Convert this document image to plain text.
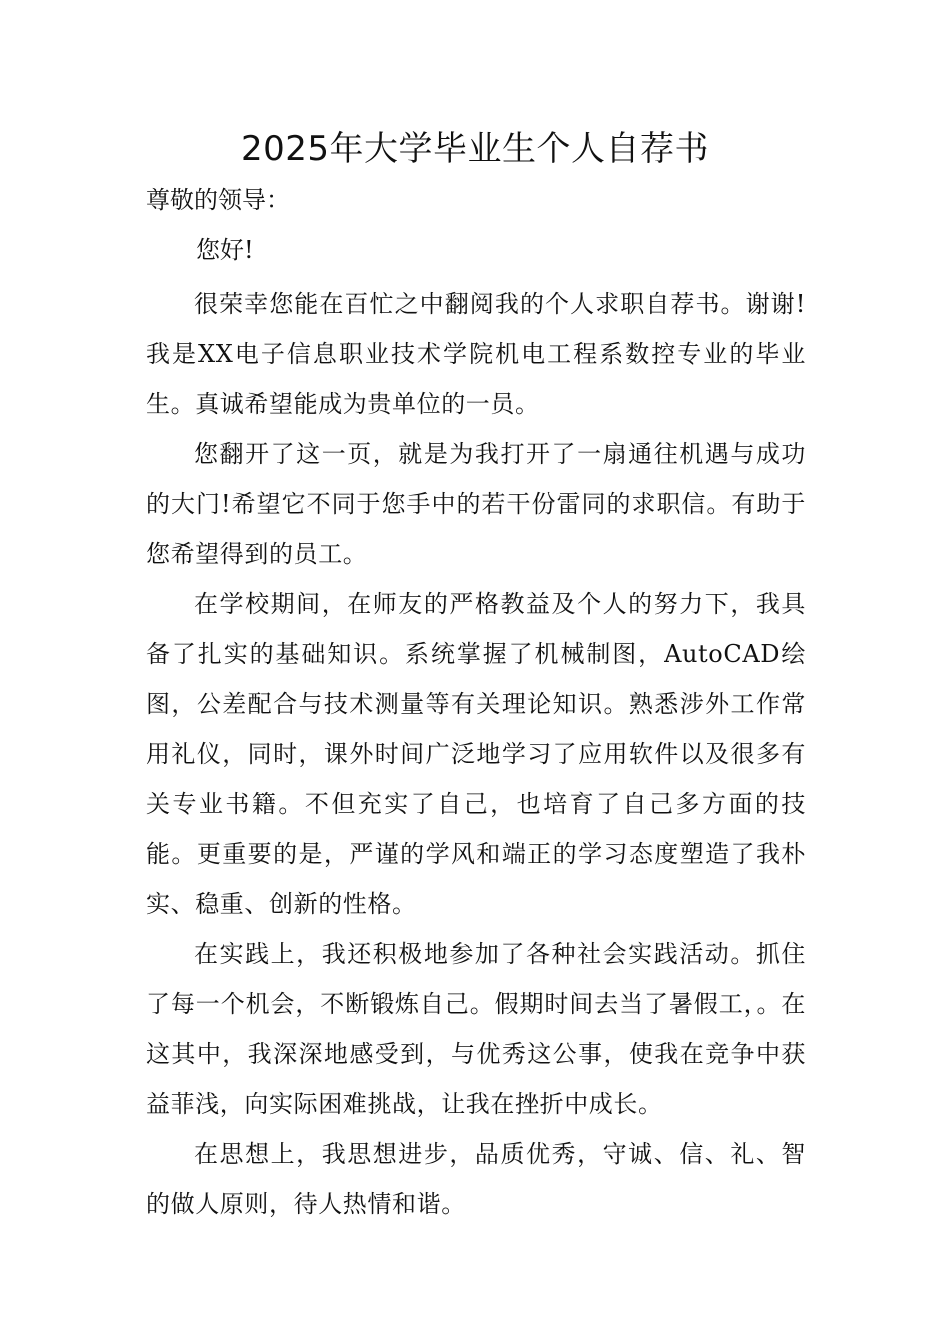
2025年大学毕业生个人自荐书
尊敬的领导：
您好!

很荣幸您能在百忙之中翻阅我的个人求职自荐书。谢谢!我是XX电子信息职业技术学院机电工程系数控专业的毕业生。真诚希望能成为贵单位的一员。

您翻开了这一页，就是为我打开了一扇通往机遇与成功的大门!希望它不同于您手中的若干份雷同的求职信。有助于您希望得到的员工。

在学校期间，在师友的严格教益及个人的努力下，我具备了扎实的基础知识。系统掌握了机械制图，AutoCAD绘图，公差配合与技术测量等有关理论知识。熟悉涉外工作常用礼仪，同时，课外时间广泛地学习了应用软件以及很多有关专业书籍。不但充实了自己，也培育了自己多方面的技能。更重要的是，严谨的学风和端正的学习态度塑造了我朴实、稳重、创新的性格。

在实践上，我还积极地参加了各种社会实践活动。抓住了每一个机会，不断锻炼自己。假期时间去当了暑假工，。在这其中，我深深地感受到，与优秀这公事，使我在竞争中获益菲浅，向实际困难挑战，让我在挫折中成长。

在思想上，我思想进步，品质优秀，守诚、信、礼、智的做人原则，待人热情和谐。
